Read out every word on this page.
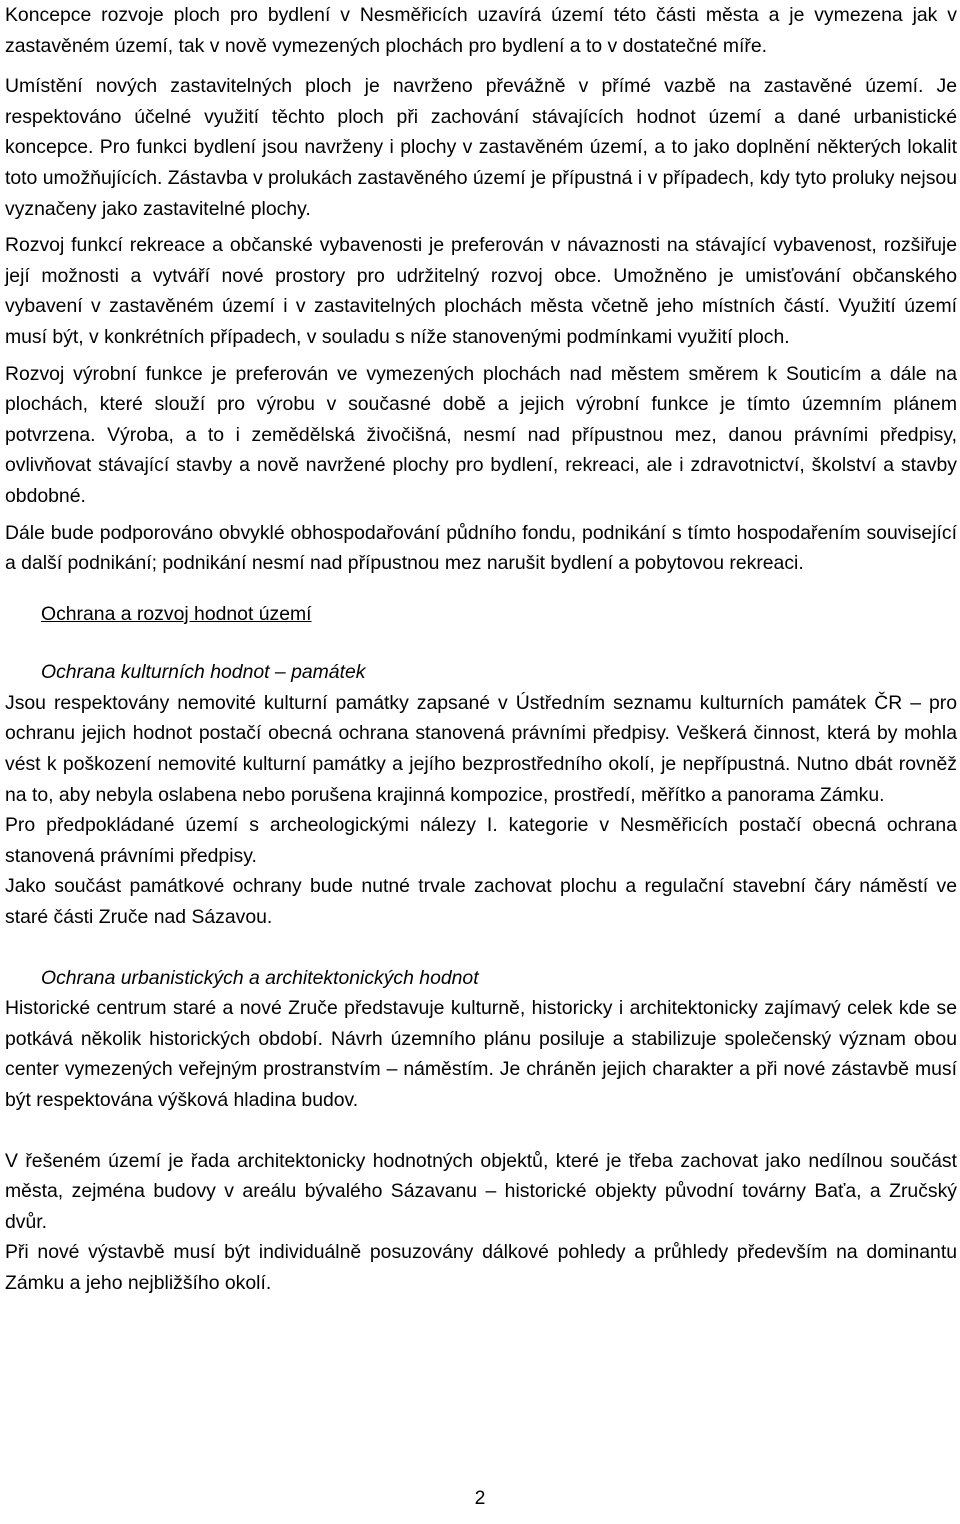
Koncepce rozvoje ploch pro bydlení v Nesměřicích uzavírá území této části města a je vymezena jak v zastavěném území, tak v nově vymezených plochách pro bydlení a to v dostatečné míře.

Umístění nových zastavitelných ploch je navrženo převážně v přímé vazbě na zastavěné území. Je respektováno účelné využití těchto ploch při zachování stávajících hodnot území a dané urbanistické koncepce. Pro funkci bydlení jsou navrženy i plochy v zastavěném území, a to jako doplnění některých lokalit toto umožňujících. Zástavba v prolukách zastavěného území je přípustná i v případech, kdy tyto proluky nejsou vyznačeny jako zastavitelné plochy.

Rozvoj funkcí rekreace a občanské vybavenosti je preferován v návaznosti na stávající vybavenost, rozšiřuje její možnosti a vytváří nové prostory pro udržitelný rozvoj obce. Umožněno je umisťování občanského vybavení v zastavěném území i v zastavitelných plochách města včetně jeho místních částí. Využití území musí být, v konkrétních případech, v souladu s níže stanovenými podmínkami využití ploch.

Rozvoj výrobní funkce je preferován ve vymezených plochách nad městem směrem k Souticím a dále na plochách, které slouží pro výrobu v současné době a jejich výrobní funkce je tímto územním plánem potvrzena. Výroba, a to i zemědělská živočišná, nesmí nad přípustnou mez, danou právními předpisy, ovlivňovat stávající stavby a nově navržené plochy pro bydlení, rekreaci, ale i zdravotnictví, školství a stavby obdobné.

Dále bude podporováno obvyklé obhospodařování půdního fondu, podnikání s tímto hospodařením související a další podnikání; podnikání nesmí nad přípustnou mez narušit bydlení a pobytovou rekreaci.

Ochrana a rozvoj hodnot území
Ochrana kulturních hodnot – památek

Jsou respektovány nemovité kulturní památky zapsané v Ústředním seznamu kulturních památek ČR – pro ochranu jejich hodnot postačí obecná ochrana stanovená právními předpisy. Veškerá činnost, která by mohla vést k poškození nemovité kulturní památky a jejího bezprostředního okolí, je nepřípustná. Nutno dbát rovněž na to, aby nebyla oslabena nebo porušena krajinná kompozice, prostředí, měřítko a panorama Zámku.

Pro předpokládané území s archeologickými nálezy I. kategorie v Nesměřicích postačí obecná ochrana stanovená právními předpisy.

Jako součást památkové ochrany bude nutné trvale zachovat plochu a regulační stavební čáry náměstí ve staré části Zruče nad Sázavou.

Ochrana urbanistických a architektonických hodnot

Historické centrum staré a nové Zruče představuje kulturně, historicky i architektonicky zajímavý celek kde se potkává několik historických období. Návrh územního plánu posiluje a stabilizuje společenský význam obou center vymezených veřejným prostranstvím – náměstím. Je chráněn jejich charakter a při nové zástavbě musí být respektována výšková hladina budov.

V řešeném území je řada architektonicky hodnotných objektů, které je třeba zachovat jako nedílnou součást města, zejména budovy v areálu bývalého Sázavanu – historické objekty původní továrny Baťa, a Zručský dvůr.

Při nové výstavbě musí být individuálně posuzovány dálkové pohledy a průhledy především na dominantu Zámku a jeho nejbližšího okolí.

2
